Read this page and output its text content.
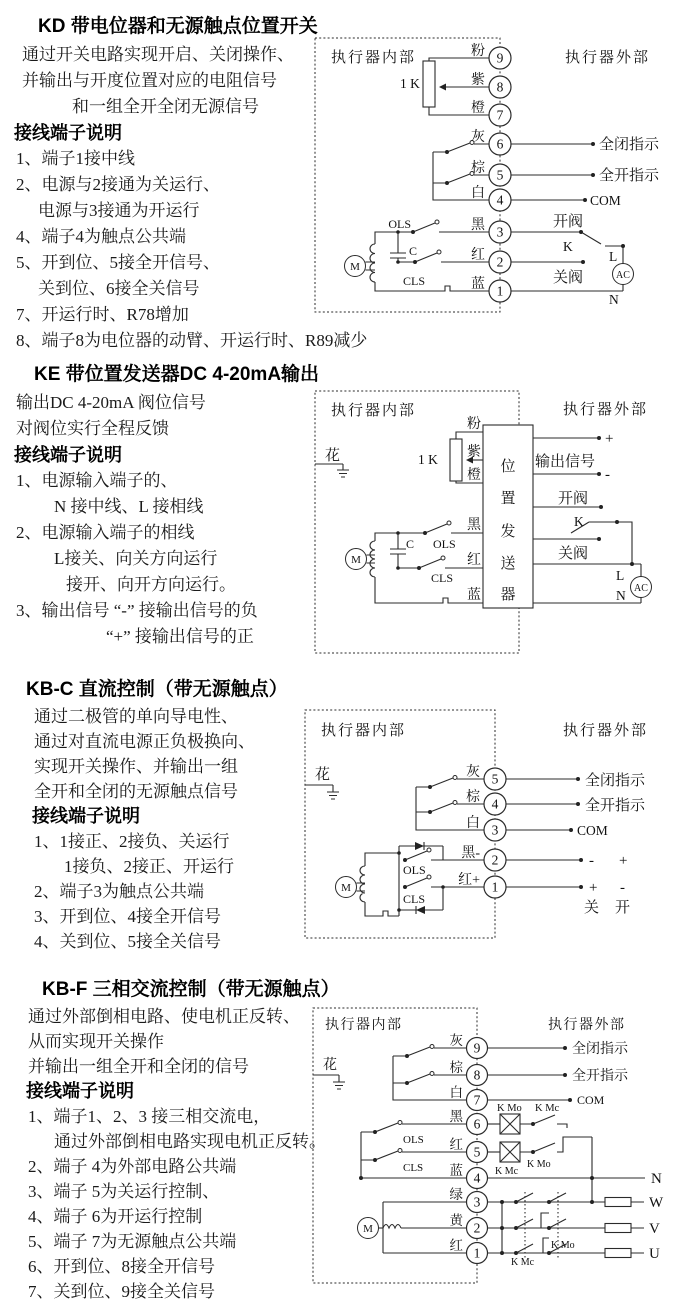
KD 带电位器和无源触点位置开关
通过开关电路实现开启、关闭操作、
并输出与开度位置对应的电阻信号
和一组全开全闭无源信号
接线端子说明
1、端子1接中线
2、电源与2接通为关运行、
电源与3接通为开运行
4、端子4为触点公共端
5、开到位、5接全开信号、
关到位、6接全关信号
7、开运行时、R78增加
8、端子8为电位器的动臂、开运行时、R89减少
执行器内部	执行器外部
1 K
M
C
OLS
CLS
9
8
7
6
5
4
3
2
1
粉
紫
橙
灰
棕
白
黑
红
蓝
全闭指示
全开指示
COM
开阀
K
关阀
L
AC
N
KE 带位置发送器DC 4-20mA输出
输出DC 4-20mA 阀位信号
对阀位实行全程反馈
接线端子说明
1、电源输入端子的、
N 接中线、L 接相线
2、电源输入端子的相线
L接关、向关方向运行
接开、向开方向运行。
3、输出信号 “-” 接输出信号的负
“+” 接输出信号的正
执行器内部	执行器外部
花	1 K
M
C OLS
CLS
粉
紫
橙
黑
红
蓝
位
置
发
送
器
+
输出信号
-
开阀
K
关阀
L
AC
N
KB-C 直流控制（带无源触点）
通过二极管的单向导电性、
通过对直流电源正负极换向、
实现开关操作、并输出一组
全开和全闭的无源触点信号
接线端子说明
1、1接正、2接负、关运行
1接负、2接正、开运行
2、端子3为触点公共端
3、开到位、4接全开信号
4、关到位、5接全关信号
执行器内部	执行器外部
花
M
OLS
CLS
5
4
3
2
1
灰
棕
白
黑-
红+
全闭指示
全开指示
COM
- +
+ -
关 开
KB-F 三相交流控制（带无源触点）
通过外部倒相电路、使电机正反转、
从而实现开关操作
并输出一组全开和全闭的信号
接线端子说明
1、端子1、2、3 接三相交流电，
通过外部倒相电路实现电机正反转。
2、端子 4为外部电路公共端
3、端子 5为关运行控制、
4、端子 6为开运行控制
5、端子 7为无源触点公共端
6、开到位、8接全开信号
7、关到位、9接全关信号
执行器内部	执行器外部
花
M
OLS
CLS
9
8
7
6
5
4
3
2
1
灰
棕
白
黑
红
蓝
绿
黄
红
K Mo K Mc
K Mc
K Mo
K Mc
K Mo
全闭指示
全开指示
COM
N
W
V
U
